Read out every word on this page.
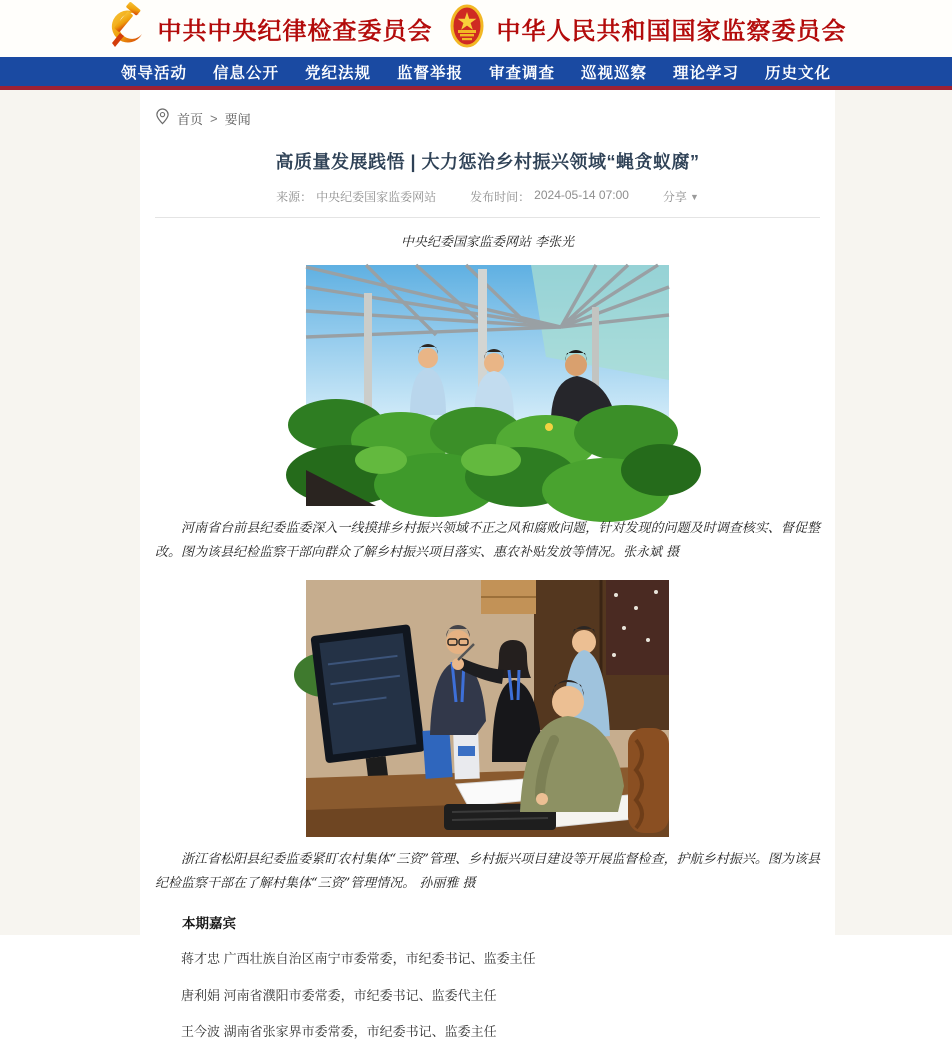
中共中央纪律检查委员会	中华人民共和国国家监察委员会
领导活动 信息公开 党纪法规 监督举报 审查调查 巡视巡察 理论学习 历史文化
首页 > 要闻
高质量发展践悟 | 大力惩治乡村振兴领域“蝇贪蚁腐”
来源： 中央纪委国家监委网站	发布时间： 2024-05-14 07:00	分享 ▼

中央纪委国家监委网站 李张光

河南省台前县纪委监委深入一线摸排乡村振兴领域不正之风和腐败问题，针对发现的问题及时调查核实、督促整改。图为该县纪检监察干部向群众了解乡村振兴项目落实、惠农补贴发放等情况。张永斌 摄

浙江省松阳县纪委监委紧盯农村集体“三资”管理、乡村振兴项目建设等开展监督检查，护航乡村振兴。图为该县纪检监察干部在了解村集体“三资”管理情况。 孙丽雅 摄

本期嘉宾

蒋才忠 广西壮族自治区南宁市委常委，市纪委书记、监委主任

唐利娟 河南省濮阳市委常委，市纪委书记、监委代主任

王今波 湖南省张家界市委常委，市纪委书记、监委主任
